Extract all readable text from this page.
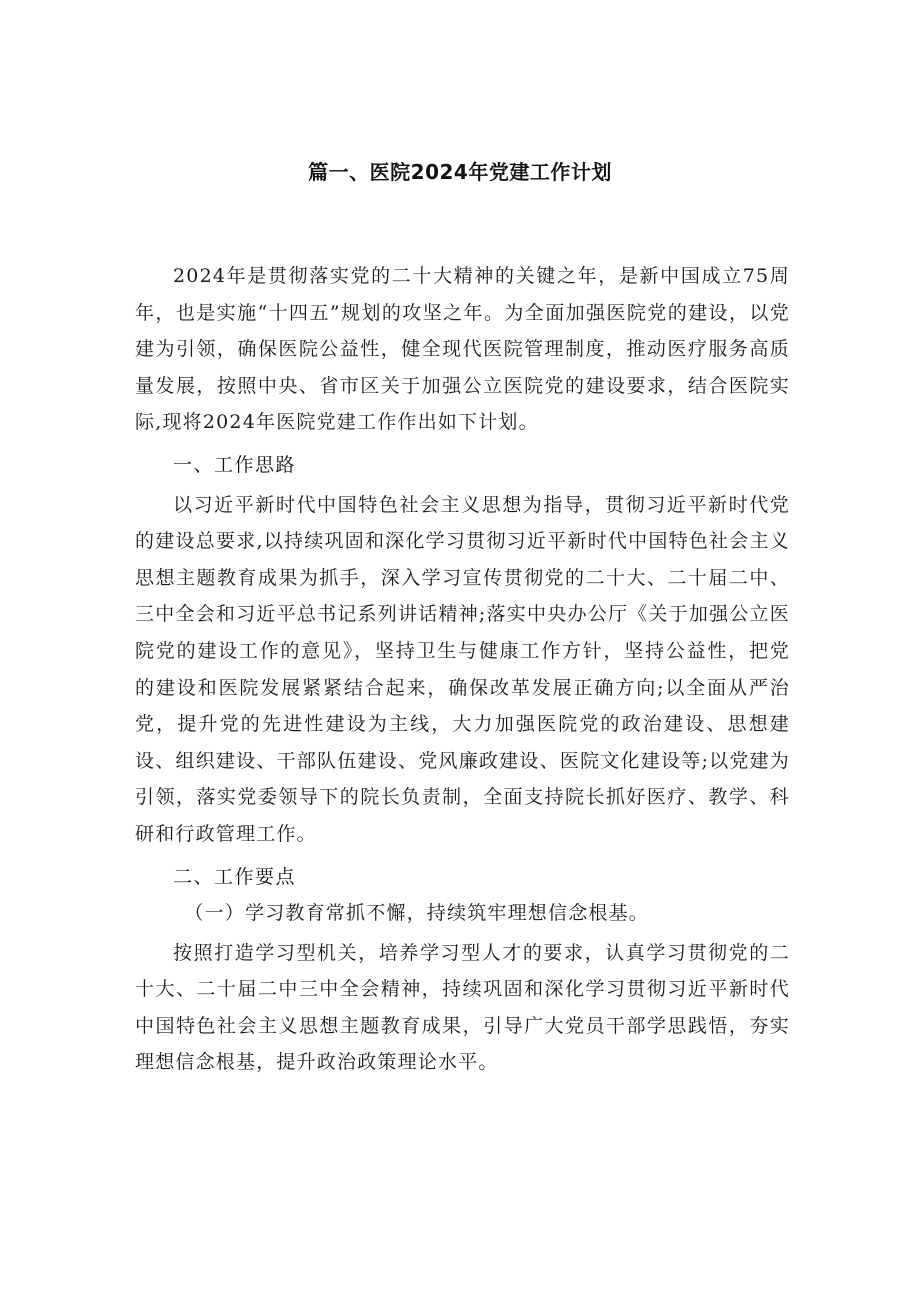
篇一、医院2024年党建工作计划

2024年是贯彻落实党的二十大精神的关键之年，是新中国成立75周年，也是实施“十四五”规划的攻坚之年。为全面加强医院党的建设，以党建为引领，确保医院公益性，健全现代医院管理制度，推动医疗服务高质量发展，按照中央、省市区关于加强公立医院党的建设要求，结合医院实际,现将2024年医院党建工作作出如下计划。

一、工作思路

以习近平新时代中国特色社会主义思想为指导，贯彻习近平新时代党的建设总要求,以持续巩固和深化学习贯彻习近平新时代中国特色社会主义思想主题教育成果为抓手，深入学习宣传贯彻党的二十大、二十届二中、三中全会和习近平总书记系列讲话精神;落实中央办公厅《关于加强公立医院党的建设工作的意见》，坚持卫生与健康工作方针，坚持公益性，把党的建设和医院发展紧紧结合起来，确保改革发展正确方向;以全面从严治党，提升党的先进性建设为主线，大力加强医院党的政治建设、思想建设、组织建设、干部队伍建设、党风廉政建设、医院文化建设等;以党建为引领，落实党委领导下的院长负责制，全面支持院长抓好医疗、教学、科研和行政管理工作。

二、工作要点

（一）学习教育常抓不懈，持续筑牢理想信念根基。

按照打造学习型机关，培养学习型人才的要求，认真学习贯彻党的二十大、二十届二中三中全会精神，持续巩固和深化学习贯彻习近平新时代中国特色社会主义思想主题教育成果，引导广大党员干部学思践悟，夯实理想信念根基，提升政治政策理论水平。
